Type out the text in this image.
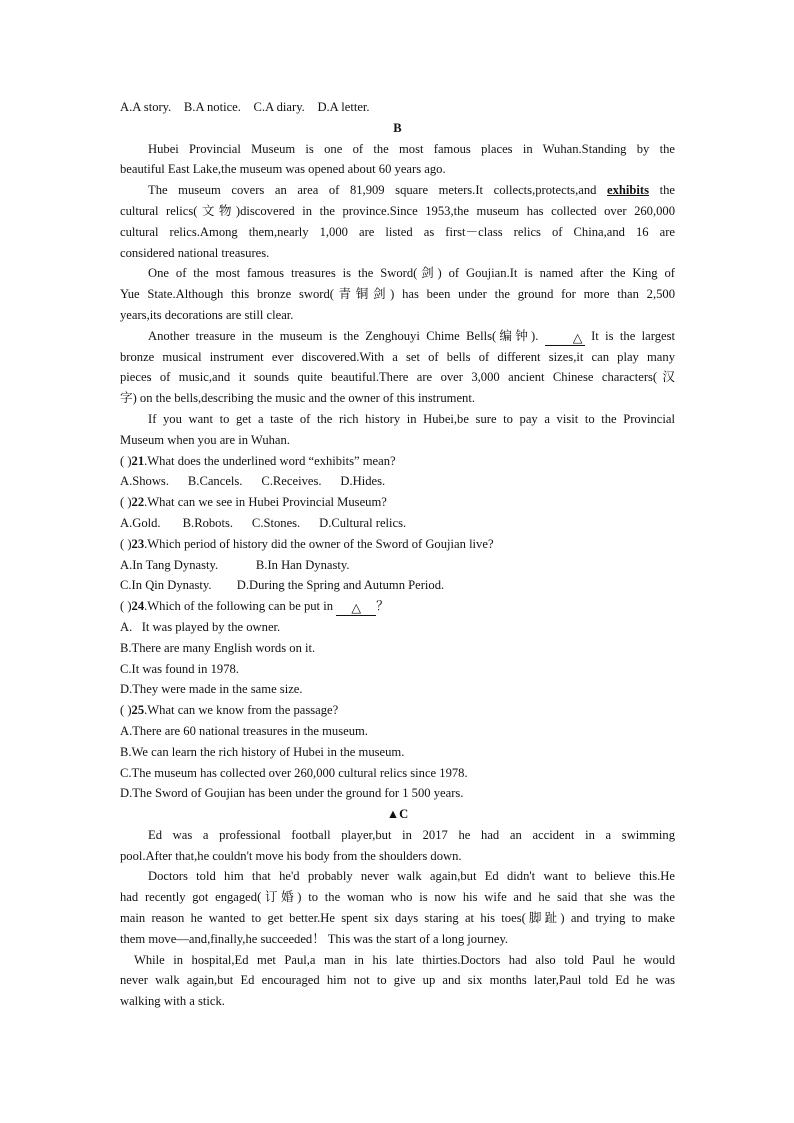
A.A story. B.A notice. C.A diary. D.A letter.
B
Hubei Provincial Museum is one of the most famous places in Wuhan.Standing by the
beautiful East Lake,the museum was opened about 60 years ago.
The museum covers an area of 81,909 square meters.It collects,protects,and exhibits the
cultural relics(文物)discovered in the province.Since 1953,the museum has collected over 260,000
cultural relics.Among them,nearly 1,000 are listed as first－class relics of China,and 16 are
considered national treasures.
One of the most famous treasures is the Sword(剑) of Goujian.It is named after the King of
Yue State.Although this bronze sword(青铜剑) has been under the ground for more than 2,500
years,its decorations are still clear.
Another treasure in the museum is the Zenghouyi Chime Bells(编钟).	△ It is the largest
bronze musical instrument ever discovered.With a set of bells of different sizes,it can play many
pieces of music,and it sounds quite beautiful.There are over 3,000 ancient Chinese characters(汉
字) on the bells,describing the music and the owner of this instrument.
If you want to get a taste of the rich history in Hubei,be sure to pay a visit to the Provincial
Museum when you are in Wuhan.
( )21.What does the underlined word “exhibits” mean?
A.Shows. B.Cancels. C.Receives. D.Hides.
( )22.What can we see in Hubei Provincial Museum?
A.Gold. B.Robots. C.Stones. D.Cultural relics.
( )23.Which period of history did the owner of the Sword of Goujian live?
A.In Tang Dynasty.	B.In Han Dynasty.
C.In Qin Dynasty. D.During the Spring and Autumn Period.
( )24.Which of the following can be put in △ ？
A.   It was played by the owner.
B.There are many English words on it.
C.It was found in 1978.
D.They were made in the same size.
( )25.What can we know from the passage?
A.There are 60 national treasures in the museum.
B.We can learn the rich history of Hubei in the museum.
C.The museum has collected over 260,000 cultural relics since 1978.
D.The Sword of Goujian has been under the ground for 1 500 years.
▲C
Ed was a professional football player,but in 2017 he had an accident in a swimming
pool.After that,he couldn't move his body from the shoulders down.
Doctors told him that he'd probably never walk again,but Ed didn't want to believe this.He
had recently got engaged(订婚) to the woman who is now his wife and he said that she was the
main reason he wanted to get better.He spent six days staring at his toes(脚趾) and trying to make
them move—and,finally,he succeeded！ This was the start of a long journey.
While in hospital,Ed met Paul,a man in his late thirties.Doctors had also told Paul he would
never walk again,but Ed encouraged him not to give up and six months later,Paul told Ed he was
walking with a stick.
